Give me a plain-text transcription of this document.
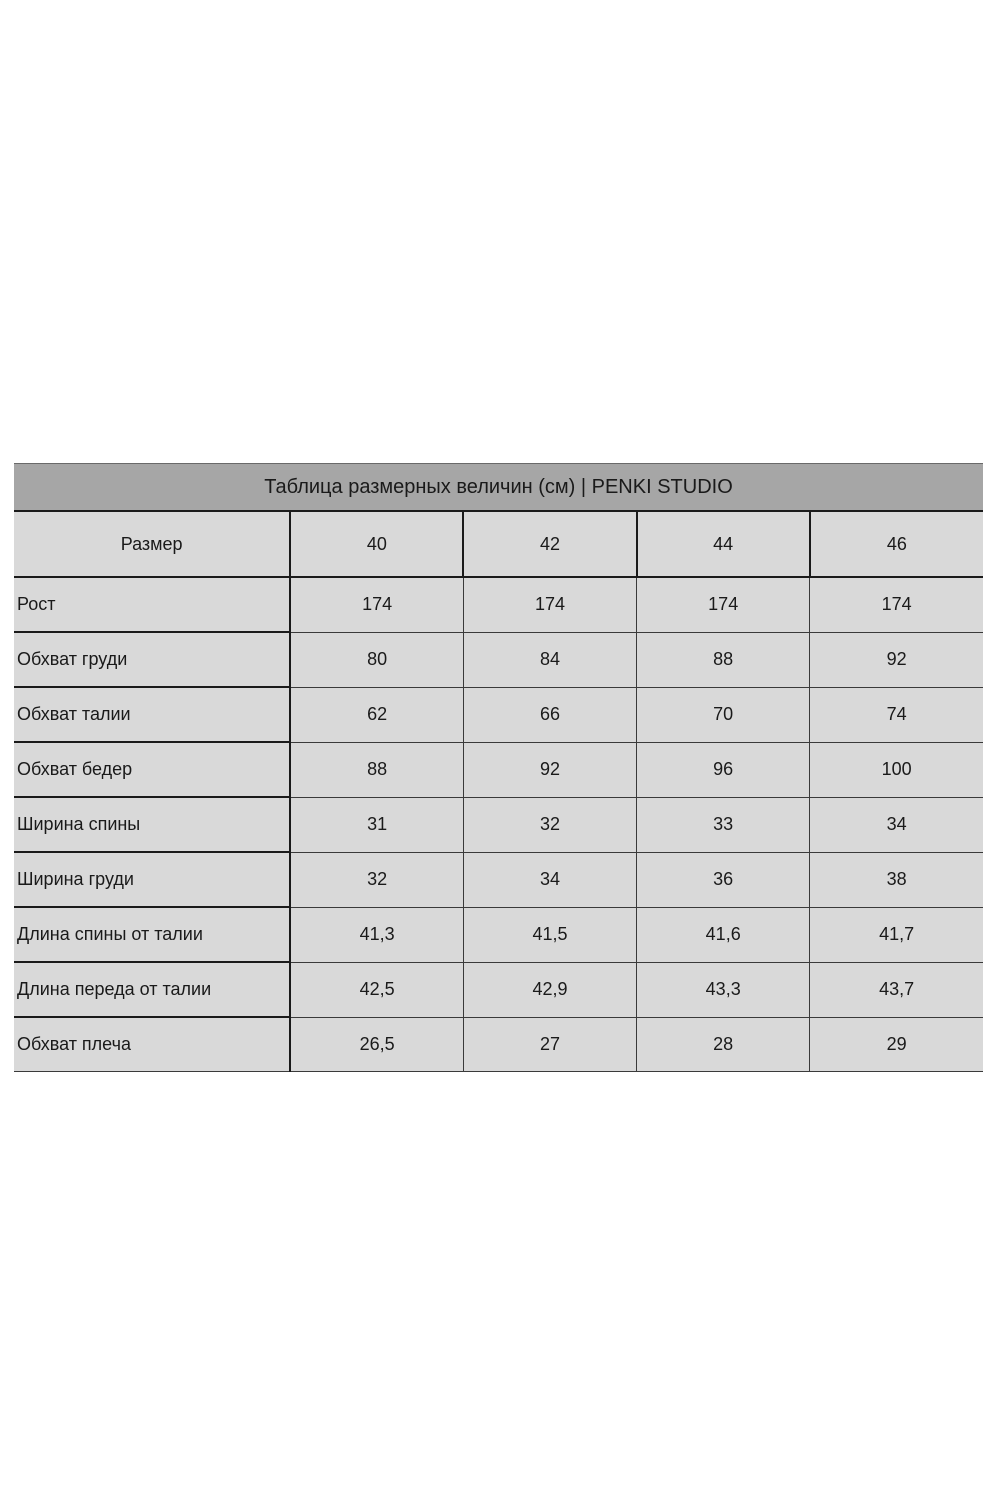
Таблица размерных величин (см) | PENKI STUDIO				
Размер	40	42	44	46
Рост	174	174	174	174
Обхват груди	80	84	88	92
Обхват талии	62	66	70	74
Обхват бедер	88	92	96	100
Ширина спины	31	32	33	34
Ширина груди	32	34	36	38
Длина спины от талии	41,3	41,5	41,6	41,7
Длина переда от талии	42,5	42,9	43,3	43,7
Обхват плеча	26,5	27	28	29
